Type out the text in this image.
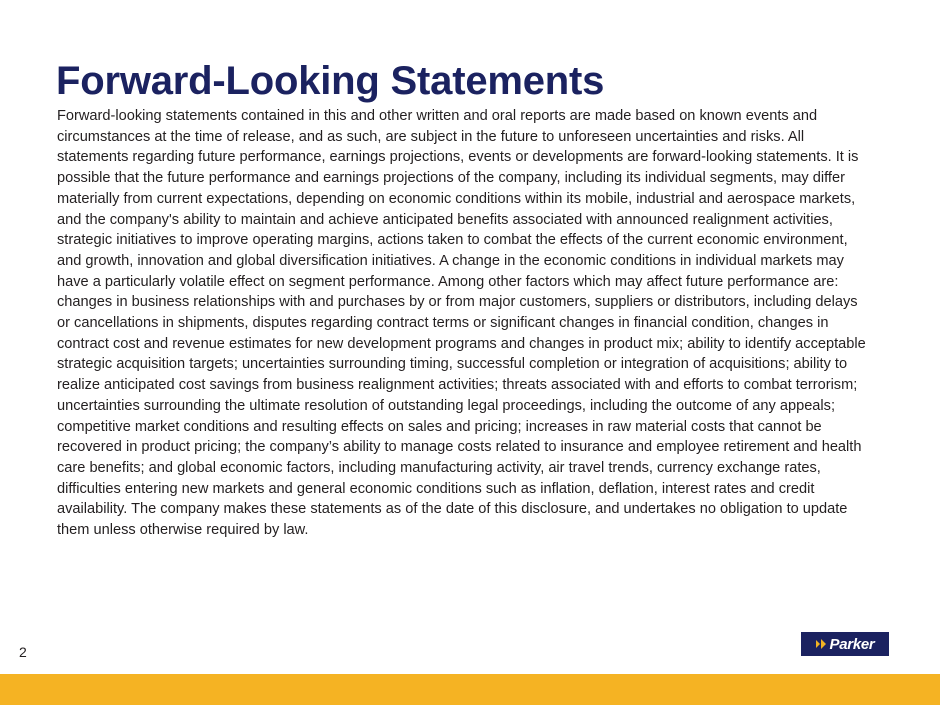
Forward-Looking Statements
Forward-looking statements contained in this and other written and oral reports are made based on known events and circumstances at the time of release, and as such, are subject in the future to unforeseen uncertainties and risks. All statements regarding future performance, earnings projections, events or developments are forward-looking statements. It is possible that the future performance and earnings projections of the company, including its individual segments, may differ materially from current expectations, depending on economic conditions within its mobile, industrial and aerospace markets, and the company's ability to maintain and achieve anticipated benefits associated with announced realignment activities, strategic initiatives to improve operating margins, actions taken to combat the effects of the current economic environment, and growth, innovation and global diversification initiatives. A change in the economic conditions in individual markets may have a particularly volatile effect on segment performance. Among other factors which may affect future performance are: changes in business relationships with and purchases by or from major customers, suppliers or distributors, including delays or cancellations in shipments, disputes regarding contract terms or significant changes in financial condition, changes in contract cost and revenue estimates for new development programs and changes in product mix; ability to identify acceptable strategic acquisition targets; uncertainties surrounding timing, successful completion or integration of acquisitions; ability to realize anticipated cost savings from business realignment activities; threats associated with and efforts to combat terrorism; uncertainties surrounding the ultimate resolution of outstanding legal proceedings, including the outcome of any appeals; competitive market conditions and resulting effects on sales and pricing; increases in raw material costs that cannot be recovered in product pricing; the company’s ability to manage costs related to insurance and employee retirement and health care benefits; and global economic factors, including manufacturing activity, air travel trends, currency exchange rates, difficulties entering new markets and general economic conditions such as inflation, deflation, interest rates and credit availability. The company makes these statements as of the date of this disclosure, and undertakes no obligation to update them unless otherwise required by law.
2	Parker
